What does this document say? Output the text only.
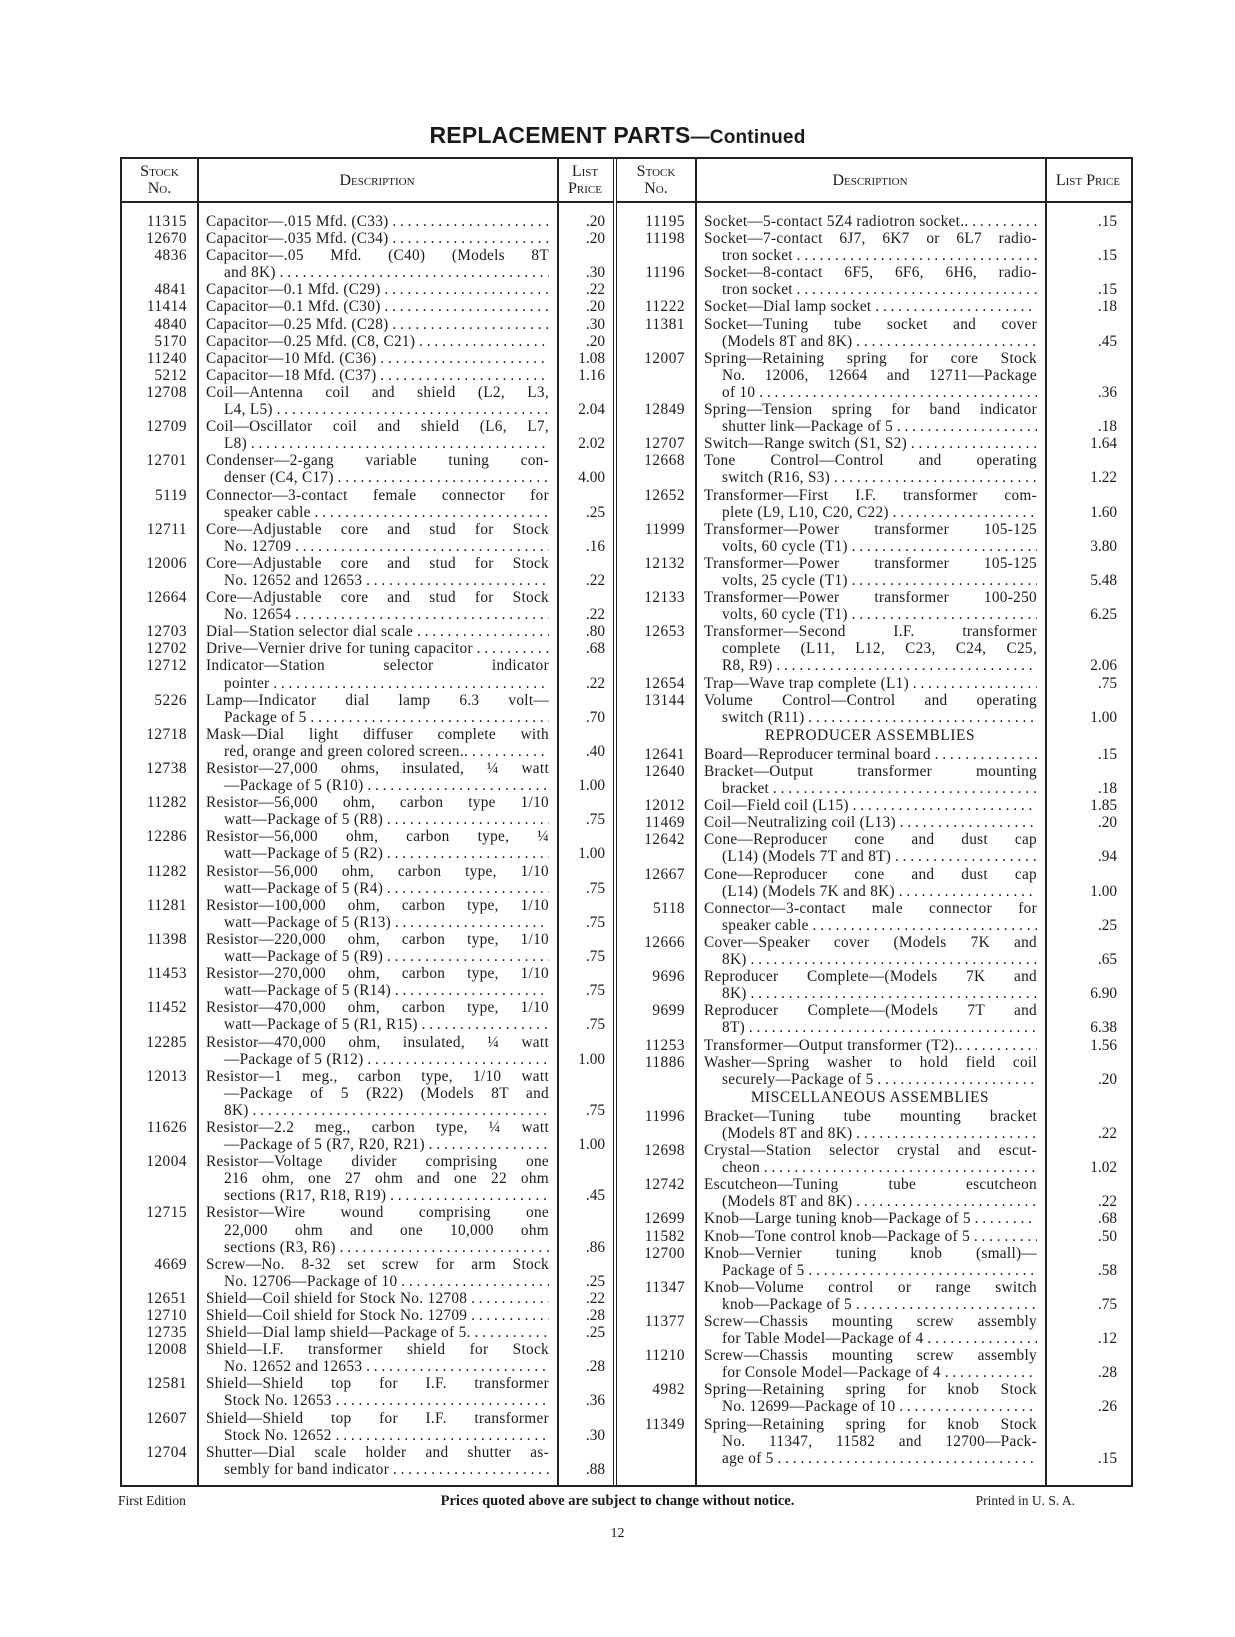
REPLACEMENT PARTS—Continued
Stock No.	Description	List Price
11315	Capacitor—.015 Mfd. (C33) . . .	.20
12670	Capacitor—.035 Mfd. (C34) . . .	.20
4836	Capacitor—.05 Mfd. (C40) (Models 8T
and 8K) . . .	.30
4841	Capacitor—0.1 Mfd. (C29) . . .	.22
11414	Capacitor—0.1 Mfd. (C30) . . .	.20
4840	Capacitor—0.25 Mfd. (C28) . . .	.30
5170	Capacitor—0.25 Mfd. (C8, C21) . . .	.20
11240	Capacitor—10 Mfd. (C36) . . .	1.08
5212	Capacitor—18 Mfd. (C37) . . .	1.16
12708	Coil—Antenna coil and shield (L2, L3,
L4, L5) . . .	2.04
12709	Coil—Oscillator coil and shield (L6, L7,
L8) . . .	2.02
12701	Condenser—2-gang variable tuning con-
denser (C4, C17) . . .	4.00
5119	Connector—3-contact female connector for
speaker cable . . .	.25
12711	Core—Adjustable core and stud for Stock
No. 12709 . . .	.16
12006	Core—Adjustable core and stud for Stock
No. 12652 and 12653 . . .	.22
12664	Core—Adjustable core and stud for Stock
No. 12654 . . .	.22
12703	Dial—Station selector dial scale . . .	.80
12702	Drive—Vernier drive for tuning capacitor . . .	.68
12712	Indicator—Station selector indicator
pointer . . .	.22
5226	Lamp—Indicator dial lamp 6.3 volt—
Package of 5 . . .	.70
12718	Mask—Dial light diffuser complete with
red, orange and green colored screen.. . . .	.40
12738	Resistor—27,000 ohms, insulated, ¼ watt
—Package of 5 (R10) . . .	1.00
11282	Resistor—56,000 ohm, carbon type 1/10
watt—Package of 5 (R8) . . .	.75
12286	Resistor—56,000 ohm, carbon type, ¼
watt—Package of 5 (R2) . . .	1.00
11282	Resistor—56,000 ohm, carbon type, 1/10
watt—Package of 5 (R4) . . .	.75
11281	Resistor—100,000 ohm, carbon type, 1/10
watt—Package of 5 (R13) . . .	.75
11398	Resistor—220,000 ohm, carbon type, 1/10
watt—Package of 5 (R9) . . .	.75
11453	Resistor—270,000 ohm, carbon type, 1/10
watt—Package of 5 (R14) . . .	.75
11452	Resistor—470,000 ohm, carbon type, 1/10
watt—Package of 5 (R1, R15) . . .	.75
12285	Resistor—470,000 ohm, insulated, ¼ watt
—Package of 5 (R12) . . .	1.00
12013	Resistor—1 meg., carbon type, 1/10 watt
—Package of 5 (R22) (Models 8T and
8K) . . .	.75
11626	Resistor—2.2 meg., carbon type, ¼ watt
—Package of 5 (R7, R20, R21) . . .	1.00
12004	Resistor—Voltage divider comprising one
216 ohm, one 27 ohm and one 22 ohm
sections (R17, R18, R19) . . .	.45
12715	Resistor—Wire wound comprising one
22,000 ohm and one 10,000 ohm
sections (R3, R6) . . .	.86
4669	Screw—No. 8-32 set screw for arm Stock
No. 12706—Package of 10 . . .	.25
12651	Shield—Coil shield for Stock No. 12708 . . .	.22
12710	Shield—Coil shield for Stock No. 12709 . . .	.28
12735	Shield—Dial lamp shield—Package of 5. . . .	.25
12008	Shield—I.F. transformer shield for Stock
No. 12652 and 12653 . . .	.28
12581	Shield—Shield top for I.F. transformer
Stock No. 12653 . . .	.36
12607	Shield—Shield top for I.F. transformer
Stock No. 12652 . . .	.30
12704	Shutter—Dial scale holder and shutter as-
sembly for band indicator . . .	.88
Stock No.	Description	List Price
11195	Socket—5-contact 5Z4 radiotron socket.. . . .	.15
11198	Socket—7-contact 6J7, 6K7 or 6L7 radio-
tron socket . . .	.15
11196	Socket—8-contact 6F5, 6F6, 6H6, radio-
tron socket . . .	.15
11222	Socket—Dial lamp socket . . .	.18
11381	Socket—Tuning tube socket and cover
(Models 8T and 8K) . . .	.45
12007	Spring—Retaining spring for core Stock
No. 12006, 12664 and 12711—Package
of 10 . . .	.36
12849	Spring—Tension spring for band indicator
shutter link—Package of 5 . . .	.18
12707	Switch—Range switch (S1, S2) . . .	1.64
12668	Tone Control—Control and operating
switch (R16, S3) . . .	1.22
12652	Transformer—First I.F. transformer com-
plete (L9, L10, C20, C22) . . .	1.60
11999	Transformer—Power transformer 105-125
volts, 60 cycle (T1) . . .	3.80
12132	Transformer—Power transformer 105-125
volts, 25 cycle (T1) . . .	5.48
12133	Transformer—Power transformer 100-250
volts, 60 cycle (T1) . . .	6.25
12653	Transformer—Second I.F. transformer
complete (L11, L12, C23, C24, C25,
R8, R9) . . .	2.06
12654	Trap—Wave trap complete (L1) . . .	.75
13144	Volume Control—Control and operating
switch (R11) . . .	1.00
REPRODUCER ASSEMBLIES
12641	Board—Reproducer terminal board . . .	.15
12640	Bracket—Output transformer mounting
bracket . . .	.18
12012	Coil—Field coil (L15) . . .	1.85
11469	Coil—Neutralizing coil (L13) . . .	.20
12642	Cone—Reproducer cone and dust cap
(L14) (Models 7T and 8T) . . .	.94
12667	Cone—Reproducer cone and dust cap
(L14) (Models 7K and 8K) . . .	1.00
5118	Connector—3-contact male connector for
speaker cable . . .	.25
12666	Cover—Speaker cover (Models 7K and
8K) . . .	.65
9696	Reproducer Complete—(Models 7K and
8K) . . .	6.90
9699	Reproducer Complete—(Models 7T and
8T) . . .	6.38
11253	Transformer—Output transformer (T2).. . . .	1.56
11886	Washer—Spring washer to hold field coil
securely—Package of 5 . . .	.20
MISCELLANEOUS ASSEMBLIES
11996	Bracket—Tuning tube mounting bracket
(Models 8T and 8K) . . .	.22
12698	Crystal—Station selector crystal and escut-
cheon . . .	1.02
12742	Escutcheon—Tuning tube escutcheon
(Models 8T and 8K) . . .	.22
12699	Knob—Large tuning knob—Package of 5 . . .	.68
11582	Knob—Tone control knob—Package of 5 . . .	.50
12700	Knob—Vernier tuning knob (small)—
Package of 5 . . .	.58
11347	Knob—Volume control or range switch
knob—Package of 5 . . .	.75
11377	Screw—Chassis mounting screw assembly
for Table Model—Package of 4 . . .	.12
11210	Screw—Chassis mounting screw assembly
for Console Model—Package of 4 . . .	.28
4982	Spring—Retaining spring for knob Stock
No. 12699—Package of 10 . . .	.26
11349	Spring—Retaining spring for knob Stock
No. 11347, 11582 and 12700—Pack-
age of 5 . . .	.15
First Edition	Prices quoted above are subject to change without notice.	Printed in U. S. A.
12
